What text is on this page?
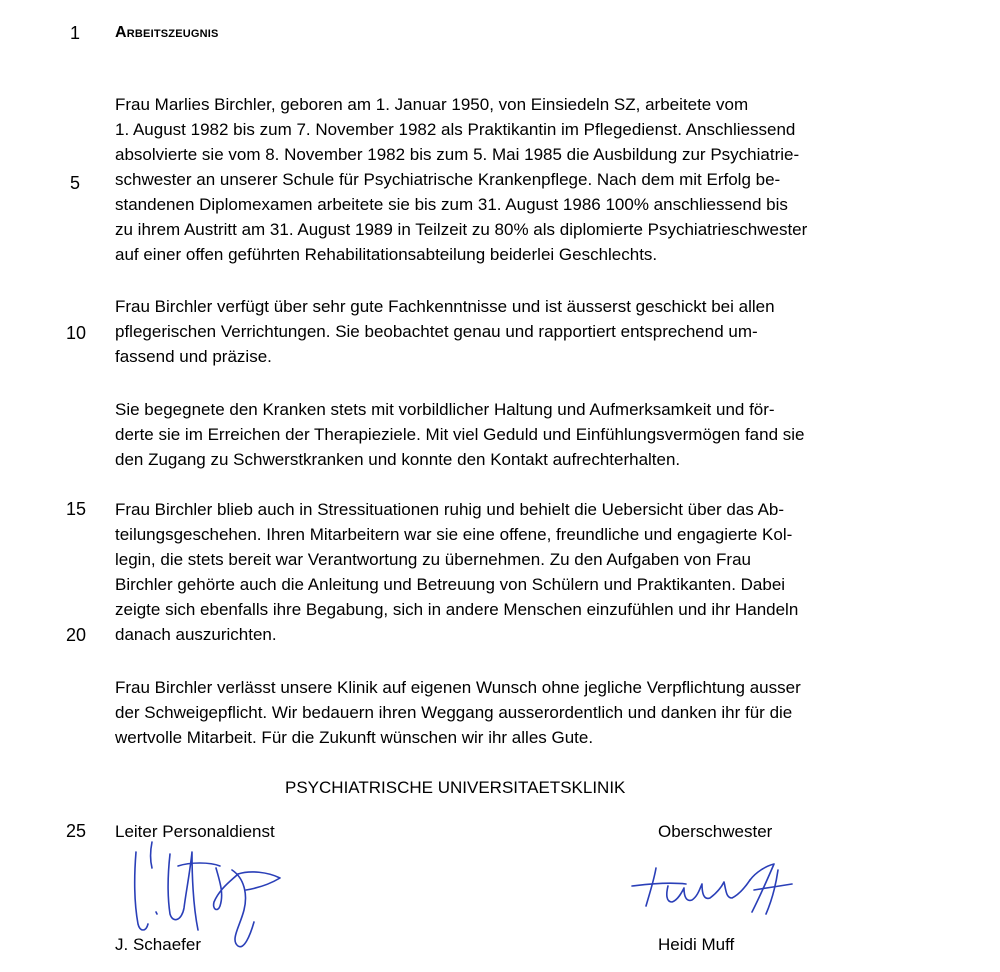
1
5
10
15
20
25
Arbeitszeugnis
Frau Marlies Birchler, geboren am 1. Januar 1950, von Einsiedeln SZ, arbeitete vom
1. August 1982 bis zum 7. November 1982 als Praktikantin im Pflegedienst. Anschliessend
absolvierte sie vom 8. November 1982 bis zum 5. Mai 1985 die Ausbildung zur Psychiatrie-
schwester an unserer Schule für Psychiatrische Krankenpflege. Nach dem mit Erfolg be-
standenen Diplomexamen arbeitete sie bis zum 31. August 1986 100% anschliessend bis
zu ihrem Austritt am 31. August 1989 in Teilzeit zu 80% als diplomierte Psychiatrieschwester
auf einer offen geführten Rehabilitationsabteilung beiderlei Geschlechts.
Frau Birchler verfügt über sehr gute Fachkenntnisse und ist äusserst geschickt bei allen
pflegerischen Verrichtungen. Sie beobachtet genau und rapportiert entsprechend um-
fassend und präzise.
Sie begegnete den Kranken stets mit vorbildlicher Haltung und Aufmerksamkeit und för-
derte sie im Erreichen der Therapieziele. Mit viel Geduld und Einfühlungsvermögen fand sie
den Zugang zu Schwerstkranken und konnte den Kontakt aufrechterhalten.
Frau Birchler blieb auch in Stressituationen ruhig und behielt die Uebersicht über das Ab-
teilungsgeschehen. Ihren Mitarbeitern war sie eine offene, freundliche und engagierte Kol-
legin, die stets bereit war Verantwortung zu übernehmen. Zu den Aufgaben von Frau
Birchler gehörte auch die Anleitung und Betreuung von Schülern und Praktikanten. Dabei
zeigte sich ebenfalls ihre Begabung, sich in andere Menschen einzufühlen und ihr Handeln
danach auszurichten.
Frau Birchler verlässt unsere Klinik auf eigenen Wunsch ohne jegliche Verpflichtung ausser
der Schweigepflicht. Wir bedauern ihren Weggang ausserordentlich und danken ihr für die
wertvolle Mitarbeit. Für die Zukunft wünschen wir ihr alles Gute.
PSYCHIATRISCHE UNIVERSITAETSKLINIK
Leiter Personaldienst
J. Schaefer
Oberschwester
Heidi Muff
